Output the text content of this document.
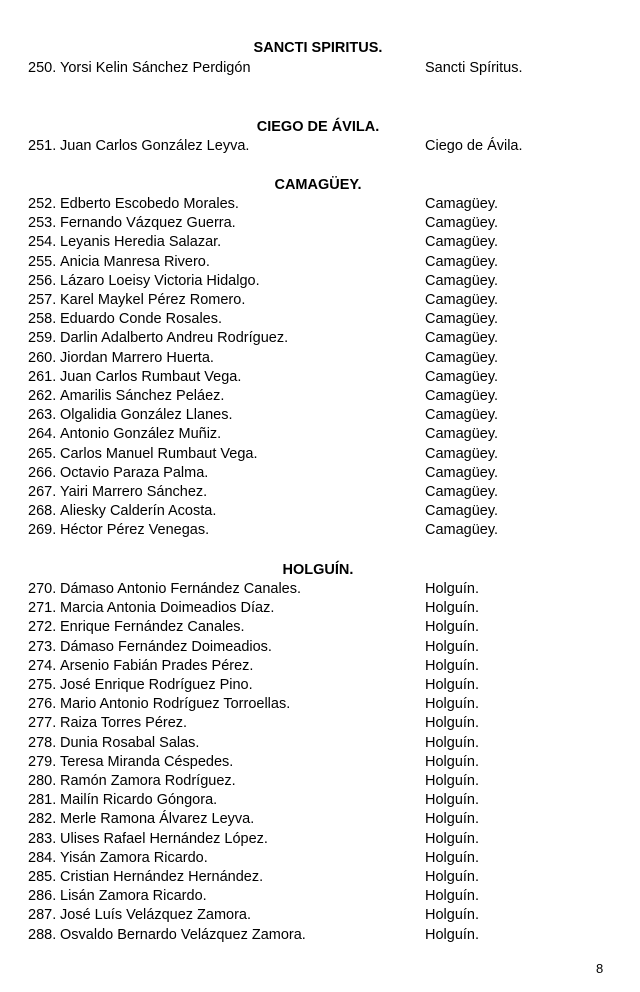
SANCTI SPIRITUS.
250. Yorsi Kelin Sánchez Perdigón	Sancti Spíritus.
CIEGO DE ÁVILA.
251. Juan Carlos González Leyva.	Ciego de Ávila.
CAMAGÜEY.
252. Edberto Escobedo Morales.	Camagüey.
253. Fernando Vázquez Guerra.	Camagüey.
254. Leyanis Heredia Salazar.	Camagüey.
255. Anicia Manresa Rivero.	Camagüey.
256. Lázaro Loeisy Victoria Hidalgo.	Camagüey.
257. Karel Maykel Pérez Romero.	Camagüey.
258. Eduardo Conde Rosales.	Camagüey.
259. Darlin Adalberto Andreu Rodríguez.	Camagüey.
260. Jiordan Marrero Huerta.	Camagüey.
261. Juan Carlos Rumbaut Vega.	Camagüey.
262. Amarilis Sánchez Peláez.	Camagüey.
263. Olgalidia González Llanes.	Camagüey.
264. Antonio González Muñiz.	Camagüey.
265. Carlos Manuel Rumbaut Vega.	Camagüey.
266. Octavio Paraza Palma.	Camagüey.
267. Yairi Marrero Sánchez.	Camagüey.
268. Aliesky Calderín Acosta.	Camagüey.
269. Héctor Pérez Venegas.	Camagüey.
HOLGUÍN.
270. Dámaso Antonio Fernández Canales.	Holguín.
271. Marcia Antonia Doimeadios Díaz.	Holguín.
272. Enrique Fernández Canales.	Holguín.
273. Dámaso Fernández Doimeadios.	Holguín.
274. Arsenio Fabián Prades Pérez.	Holguín.
275. José Enrique Rodríguez Pino.	Holguín.
276. Mario Antonio Rodríguez Torroellas.	Holguín.
277. Raiza Torres Pérez.	Holguín.
278. Dunia Rosabal Salas.	Holguín.
279. Teresa Miranda Céspedes.	Holguín.
280. Ramón Zamora Rodríguez.	Holguín.
281. Mailín Ricardo Góngora.	Holguín.
282. Merle Ramona Álvarez Leyva.	Holguín.
283. Ulises Rafael Hernández López.	Holguín.
284. Yisán Zamora Ricardo.	Holguín.
285. Cristian Hernández Hernández.	Holguín.
286. Lisán Zamora Ricardo.	Holguín.
287. José Luís Velázquez Zamora.	Holguín.
288. Osvaldo Bernardo Velázquez Zamora.	Holguín.
8
